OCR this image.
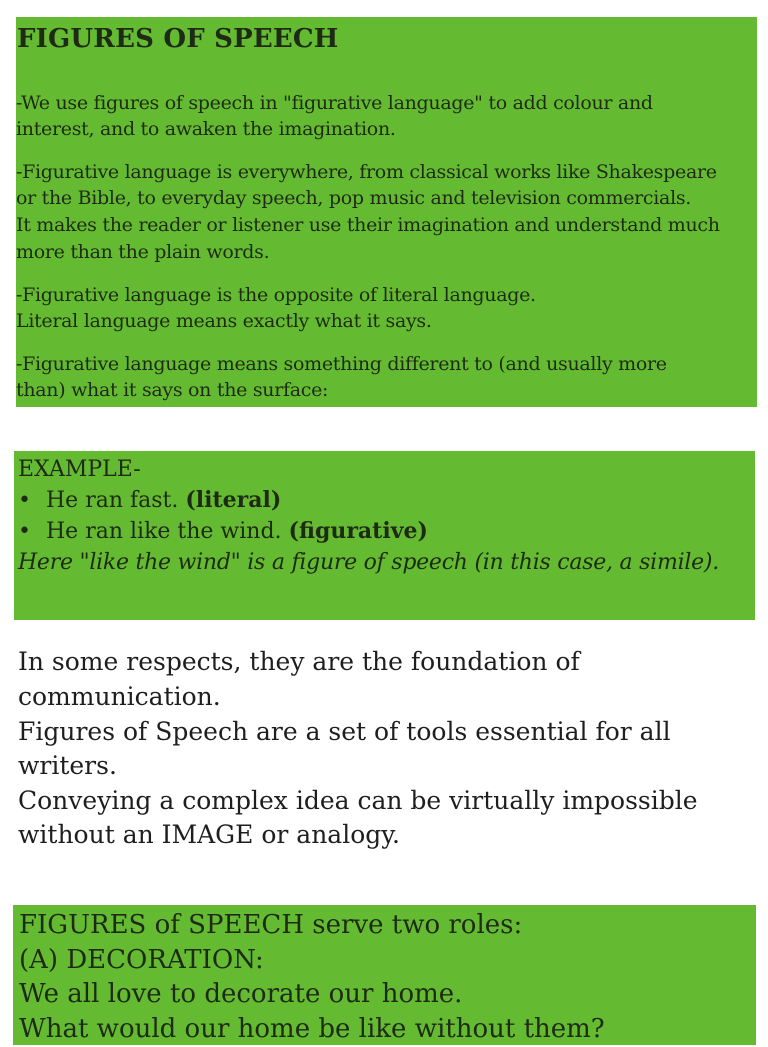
FIGURES OF SPEECH

-We use figures of speech in "figurative language" to add colour and

interest, and to awaken the imagination.

-Figurative language is everywhere, from classical works like Shakespeare

or the Bible, to everyday speech, pop music and television commercials.

It makes the reader or listener use their imagination and understand much

more than the plain words.

-Figurative language is the opposite of literal language.

Literal language means exactly what it says.

-Figurative language means something different to (and usually more

than) what it says on the surface:

EXAMPLE-

• He ran fast. (literal)

• He ran like the wind. (figurative)

Here "like the wind" is a figure of speech (in this case, a simile).

In some respects, they are the foundation of

communication.

Figures of Speech are a set of tools essential for all

writers.

Conveying a complex idea can be virtually impossible

without an IMAGE or analogy.

FIGURES of SPEECH serve two roles:

(A) DECORATION:

We all love to decorate our home.

What would our home be like without them?
